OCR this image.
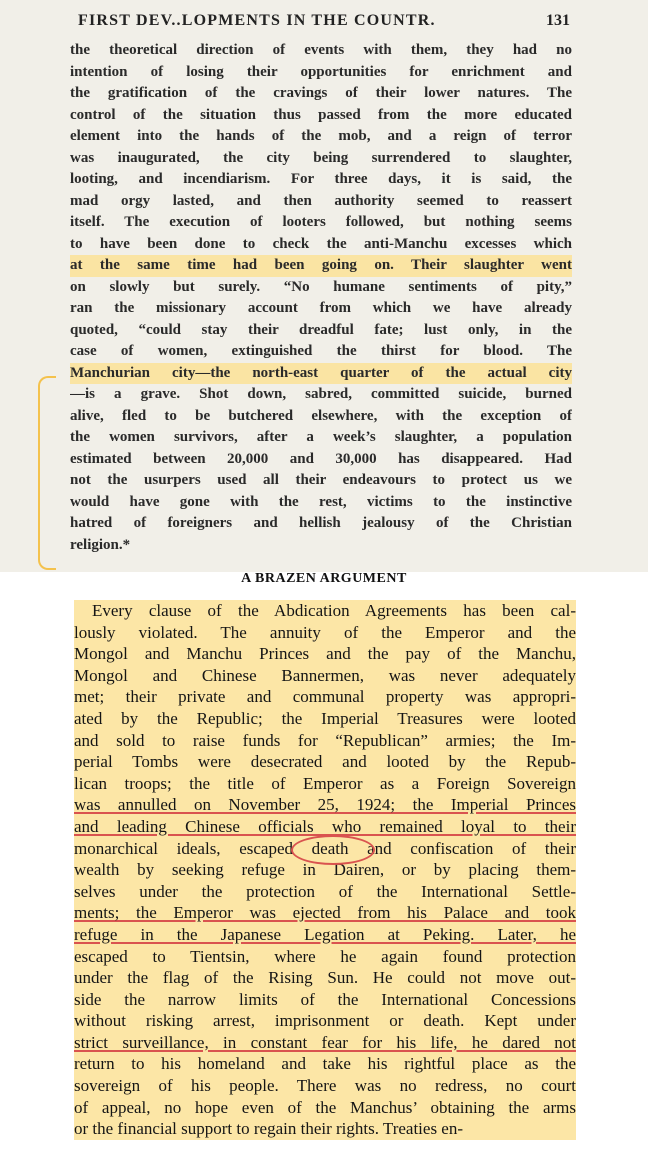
FIRST DEV..LOPMENTS IN THE COUNTR.	131
the theoretical direction of events with them, they had no
intention of losing their opportunities for enrichment and
the gratification of the cravings of their lower natures. The
control of the situation thus passed from the more educated
element into the hands of the mob, and a reign of terror
was inaugurated, the city being surrendered to slaughter,
looting, and incendiarism. For three days, it is said, the
mad orgy lasted, and then authority seemed to reassert
itself. The execution of looters followed, but nothing seems
to have been done to check the anti-Manchu excesses which
at the same time had been going on. Their slaughter went
on slowly but surely. “No humane sentiments of pity,”
ran the missionary account from which we have already
quoted, “could stay their dreadful fate; lust only, in the
case of women, extinguished the thirst for blood. The
Manchurian city—the north-east quarter of the actual city
—is a grave. Shot down, sabred, committed suicide, burned
alive, fled to be butchered elsewhere, with the exception of
the women survivors, after a week’s slaughter, a population
estimated between 20,000 and 30,000 has disappeared. Had
not the usurpers used all their endeavours to protect us we
would have gone with the rest, victims to the instinctive
hatred of foreigners and hellish jealousy of the Christian
religion.*
A BRAZEN ARGUMENT
Every clause of the Abdication Agreements has been cal-
lously violated. The annuity of the Emperor and the
Mongol and Manchu Princes and the pay of the Manchu,
Mongol and Chinese Bannermen, was never adequately
met; their private and communal property was appropri-
ated by the Republic; the Imperial Treasures were looted
and sold to raise funds for “Republican” armies; the Im-
perial Tombs were desecrated and looted by the Repub-
lican troops; the title of Emperor as a Foreign Sovereign
was annulled on November 25, 1924; the Imperial Princes
and leading Chinese officials who remained loyal to their
monarchical ideals, escaped death and confiscation of their
wealth by seeking refuge in Dairen, or by placing them-
selves under the protection of the International Settle-
ments; the Emperor was ejected from his Palace and took
refuge in the Japanese Legation at Peking. Later, he
escaped to Tientsin, where he again found protection
under the flag of the Rising Sun. He could not move out-
side the narrow limits of the International Concessions
without risking arrest, imprisonment or death. Kept under
strict surveillance, in constant fear for his life, he dared not
return to his homeland and take his rightful place as the
sovereign of his people. There was no redress, no court
of appeal, no hope even of the Manchus’ obtaining the arms
or the financial support to regain their rights. Treaties en-
